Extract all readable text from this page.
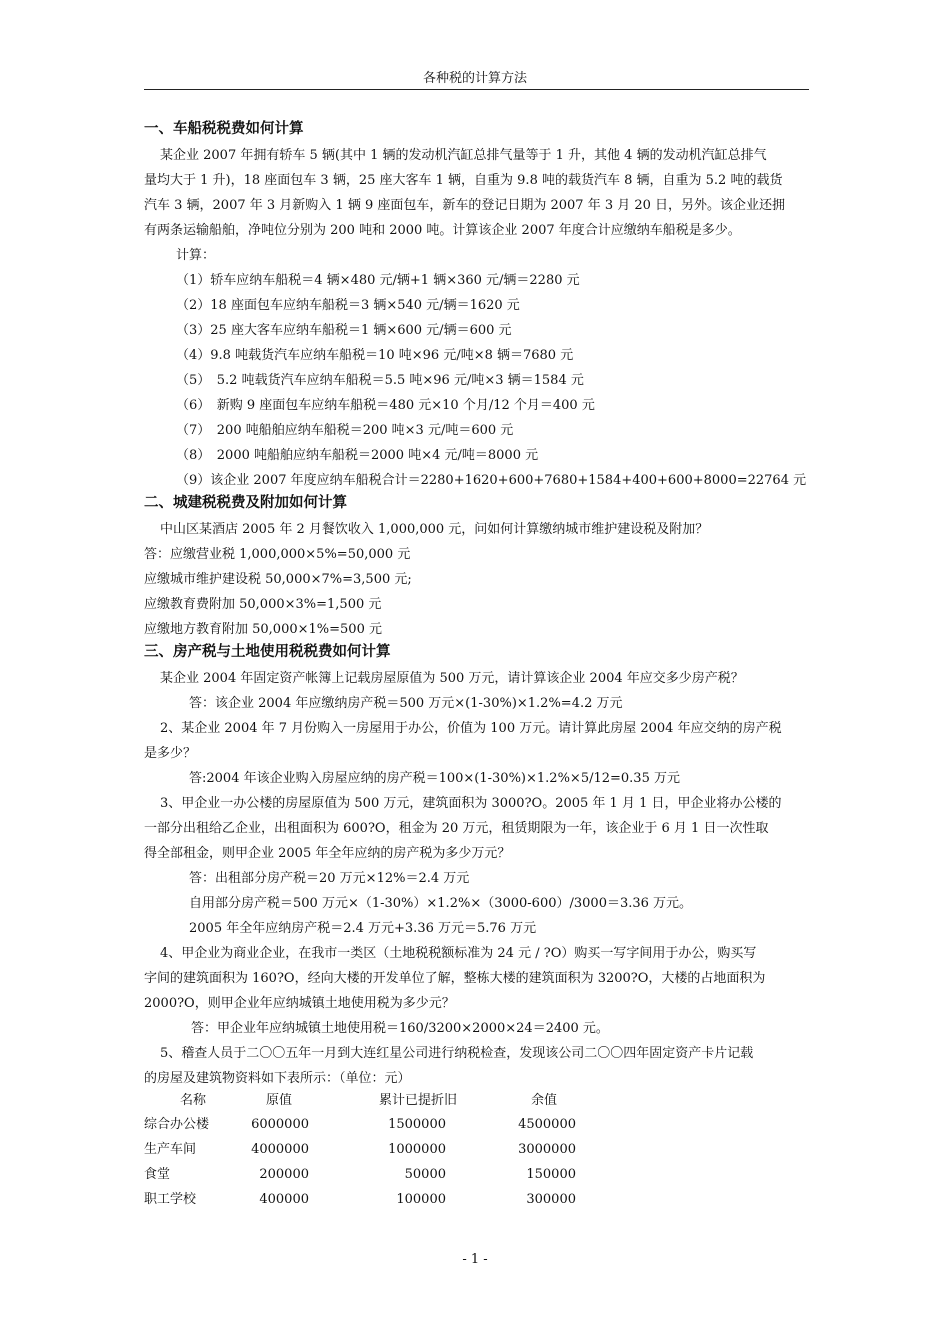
各种税的计算方法
一、车船税税费如何计算
某企业 2007 年拥有轿车 5 辆(其中 1 辆的发动机汽缸总排气量等于 1 升，其他 4 辆的发动机汽缸总排气
量均大于 1 升)，18 座面包车 3 辆，25 座大客车 1 辆，自重为 9.8 吨的载货汽车 8 辆，自重为 5.2 吨的载货
汽车 3 辆，2007 年 3 月新购入 1 辆 9 座面包车，新车的登记日期为 2007 年 3 月 20 日，另外。该企业还拥
有两条运输船舶，净吨位分别为 200 吨和 2000 吨。计算该企业 2007 年度合计应缴纳车船税是多少。
计算：
（1）轿车应纳车船税＝4 辆×480 元/辆+1 辆×360 元/辆＝2280 元
（2）18 座面包车应纳车船税＝3 辆×540 元/辆＝1620 元
（3）25 座大客车应纳车船税＝1 辆×600 元/辆＝600 元
（4）9.8 吨载货汽车应纳车船税＝10 吨×96 元/吨×8 辆＝7680 元
（5）　5.2 吨载货汽车应纳车船税＝5.5 吨×96 元/吨×3 辆＝1584 元
（6）　新购 9 座面包车应纳车船税＝480 元×10 个月/12 个月＝400 元
（7）　200 吨船舶应纳车船税＝200 吨×3 元/吨＝600 元
（8）　2000 吨船舶应纳车船税＝2000 吨×4 元/吨＝8000 元
（9）该企业 2007 年度应纳车船税合计＝2280+1620+600+7680+1584+400+600+8000=22764 元
二、城建税税费及附加如何计算
中山区某酒店 2005 年 2 月餐饮收入 1,000,000 元，问如何计算缴纳城市维护建设税及附加？
答：应缴营业税 1,000,000×5%=50,000 元
应缴城市维护建设税 50,000×7%=3,500 元;
应缴教育费附加 50,000×3%=1,500 元
应缴地方教育附加 50,000×1%=500 元
三、房产税与土地使用税税费如何计算
某企业 2004 年固定资产帐簿上记载房屋原值为 500 万元，请计算该企业 2004 年应交多少房产税？
答：该企业 2004 年应缴纳房产税＝500 万元×(1-30%)×1.2%=4.2 万元
2、某企业 2004 年 7 月份购入一房屋用于办公，价值为 100 万元。请计算此房屋 2004 年应交纳的房产税
是多少？
答:2004 年该企业购入房屋应纳的房产税＝100×(1-30%)×1.2%×5/12=0.35 万元
3、甲企业一办公楼的房屋原值为 500 万元，建筑面积为 3000?O。2005 年 1 月 1 日，甲企业将办公楼的
一部分出租给乙企业，出租面积为 600?O，租金为 20 万元，租赁期限为一年，该企业于 6 月 1 日一次性取
得全部租金，则甲企业 2005 年全年应纳的房产税为多少万元？
答：出租部分房产税＝20 万元×12%＝2.4 万元
自用部分房产税＝500 万元×（1-30%）×1.2%×（3000-600）/3000＝3.36 万元。
2005 年全年应纳房产税＝2.4 万元+3.36 万元＝5.76 万元
4、甲企业为商业企业，在我市一类区（土地税税额标准为 24 元 / ?O）购买一写字间用于办公，购买写
字间的建筑面积为 160?O，经向大楼的开发单位了解，整栋大楼的建筑面积为 3200?O，大楼的占地面积为
2000?O，则甲企业年应纳城镇土地使用税为多少元？
答：甲企业年应纳城镇土地使用税＝160/3200×2000×24＝2400 元。
5、稽查人员于二〇〇五年一月到大连红星公司进行纳税检查，发现该公司二〇〇四年固定资产卡片记载
的房屋及建筑物资料如下表所示：（单位：元）
名称	原值	累计已提折旧	余值
综合办公楼	6000000	1500000	4500000
生产车间	4000000	1000000	3000000
食堂	200000	50000	150000
职工学校	400000	100000	300000
- 1 -
